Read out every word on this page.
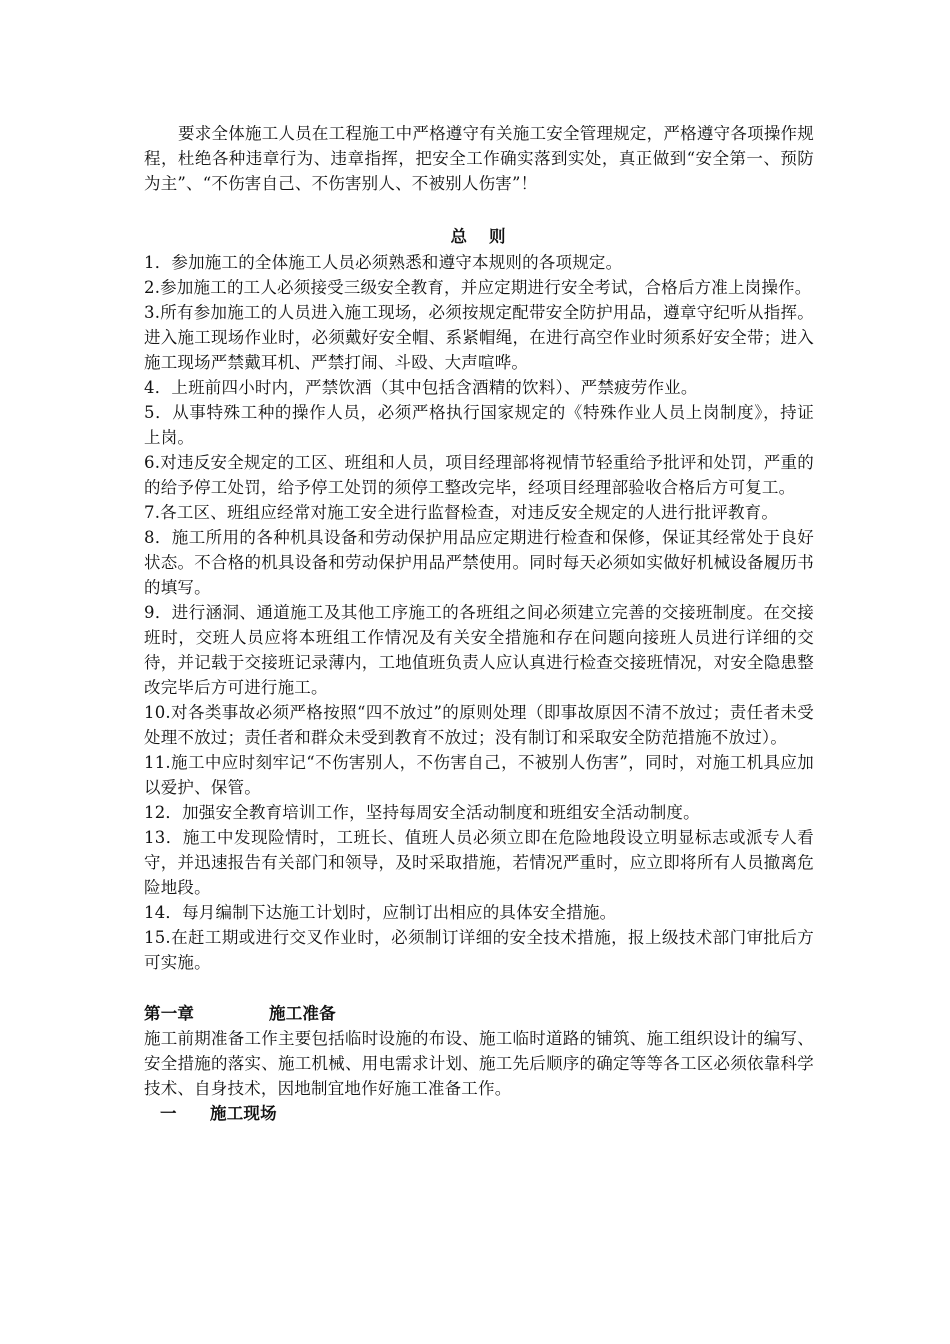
要求全体施工人员在工程施工中严格遵守有关施工安全管理规定，严格遵守各项操作规程，杜绝各种违章行为、违章指挥，把安全工作确实落到实处，真正做到“安全第一、预防为主”、“不伤害自己、不伤害别人、不被别人伤害”！

总则

1．参加施工的全体施工人员必须熟悉和遵守本规则的各项规定。

2.参加施工的工人必须接受三级安全教育，并应定期进行安全考试，合格后方准上岗操作。

3.所有参加施工的人员进入施工现场，必须按规定配带安全防护用品，遵章守纪听从指挥。进入施工现场作业时，必须戴好安全帽、系紧帽绳，在进行高空作业时须系好安全带；进入施工现场严禁戴耳机、严禁打闹、斗殴、大声喧哗。

4．上班前四小时内，严禁饮酒（其中包括含酒精的饮料）、严禁疲劳作业。

5．从事特殊工种的操作人员，必须严格执行国家规定的《特殊作业人员上岗制度》，持证上岗。

6.对违反安全规定的工区、班组和人员，项目经理部将视情节轻重给予批评和处罚，严重的的给予停工处罚，给予停工处罚的须停工整改完毕，经项目经理部验收合格后方可复工。

7.各工区、班组应经常对施工安全进行监督检查，对违反安全规定的人进行批评教育。

8．施工所用的各种机具设备和劳动保护用品应定期进行检查和保修，保证其经常处于良好状态。不合格的机具设备和劳动保护用品严禁使用。同时每天必须如实做好机械设备履历书的填写。

9．进行涵洞、通道施工及其他工序施工的各班组之间必须建立完善的交接班制度。在交接班时，交班人员应将本班组工作情况及有关安全措施和存在问题向接班人员进行详细的交待，并记载于交接班记录薄内，工地值班负责人应认真进行检查交接班情况，对安全隐患整改完毕后方可进行施工。

10.对各类事故必须严格按照“四不放过”的原则处理（即事故原因不清不放过；责任者未受处理不放过；责任者和群众未受到教育不放过；没有制订和采取安全防范措施不放过）。

11.施工中应时刻牢记“不伤害别人，不伤害自己，不被别人伤害”，同时，对施工机具应加以爱护、保管。

12．加强安全教育培训工作，坚持每周安全活动制度和班组安全活动制度。

13．施工中发现险情时，工班长、值班人员必须立即在危险地段设立明显标志或派专人看守，并迅速报告有关部门和领导，及时采取措施，若情况严重时，应立即将所有人员撤离危险地段。

14．每月编制下达施工计划时，应制订出相应的具体安全措施。

15.在赶工期或进行交叉作业时，必须制订详细的安全技术措施，报上级技术部门审批后方可实施。

第一章	施工准备

施工前期准备工作主要包括临时设施的布设、施工临时道路的铺筑、施工组织设计的编写、安全措施的落实、施工机械、用电需求计划、施工先后顺序的确定等等各工区必须依靠科学技术、自身技术，因地制宜地作好施工准备工作。

一	施工现场
